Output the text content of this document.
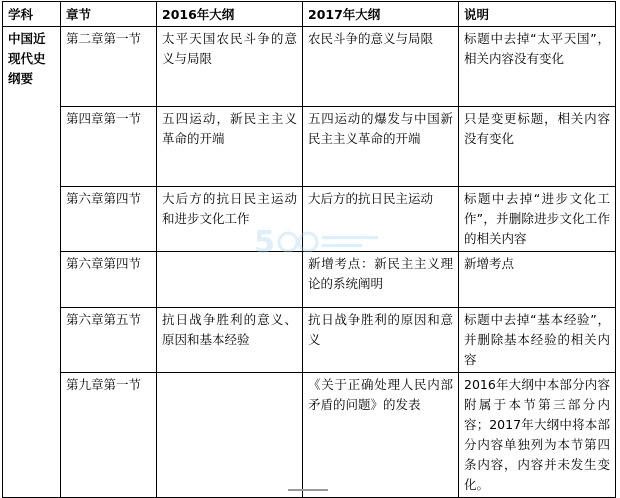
学科	章节	2016年大纲	2017年大纲	说明
中国近现代史纲要	第二章第一节	太平天国农民斗争的意义与局限	农民斗争的意义与局限	标题中去掉“太平天国”，相关内容没有变化
	第四章第一节	五四运动，新民主主义革命的开端	五四运动的爆发与中国新民主主义革命的开端	只是变更标题，相关内容没有变化
	第六章第四节	大后方的抗日民主运动和进步文化工作	大后方的抗日民主运动	标题中去掉“进步文化工作”，并删除进步文化工作的相关内容
	第六章第四节		新增考点：新民主主义理论的系统阐明	新增考点
	第六章第五节	抗日战争胜利的意义、原因和基本经验	抗日战争胜利的原因和意义	标题中去掉“基本经验”，并删除基本经验的相关内容
	第九章第一节		《关于正确处理人民内部矛盾的问题》的发表	2016年大纲中本部分内容附属于本节第三部分内容；2017年大纲中将本部分内容单独列为本节第四条内容，内容并未发生变化。
5
